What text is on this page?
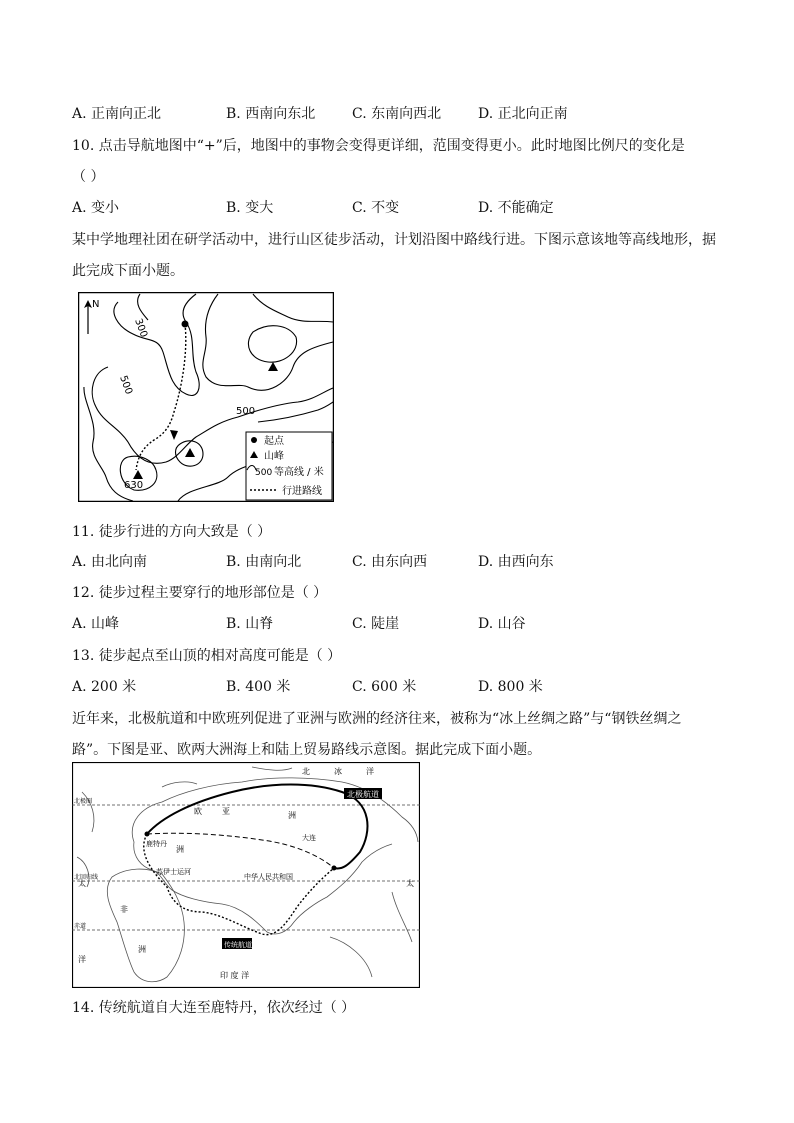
A. 正南向正北	B. 西南向东北	C. 东南向西北	D. 正北向正南
10. 点击导航地图中“+”后，地图中的事物会变得更详细，范围变得更小。此时地图比例尺的变化是
（ ）
A. 变小	B. 变大	C. 不变	D. 不能确定
某中学地理社团在研学活动中，进行山区徒步活动，计划沿图中路线行进。下图示意该地等高线地形，据
此完成下面小题。
N
300
500
500
630
起点
山峰
500 等高线 / 米
行进路线
11. 徒步行进的方向大致是（ ）
A. 由北向南	B. 由南向北	C. 由东向西	D. 由西向东
12. 徒步过程主要穿行的地形部位是（ ）
A. 山峰	B. 山脊	C. 陡崖	D. 山谷
13. 徒步起点至山顶的相对高度可能是（ ）
A. 200 米	B. 400 米	C. 600 米	D. 800 米
近年来，北极航道和中欧班列促进了亚洲与欧洲的经济往来，被称为“冰上丝绸之路”与“钢铁丝绸之
路”。下图是亚、欧两大洲海上和陆上贸易路线示意图。据此完成下面小题。
北	冰	洋
北极航道
北极圈
欧
洲
鹿特丹
亚	洲
苏伊士运河
大连
中华人民共和国
北回归线
太	太
非
洲	传统航道
赤道
洋
印 度 洋
14. 传统航道自大连至鹿特丹，依次经过（ ）
